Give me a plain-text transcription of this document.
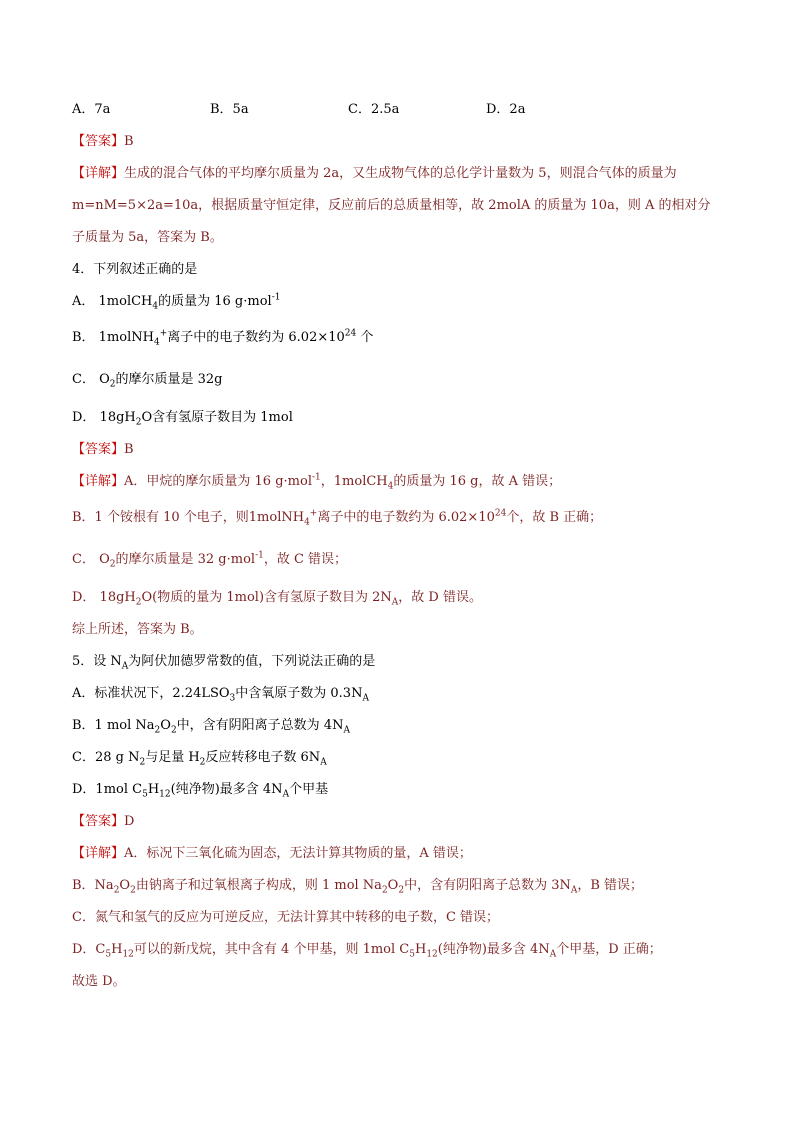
A．7a	B．5a	C．2.5a	D．2a
【答案】B
【详解】生成的混合气体的平均摩尔质量为 2a，又生成物气体的总化学计量数为 5，则混合气体的质量为
m=nM=5×2a=10a，根据质量守恒定律，反应前后的总质量相等，故 2molA 的质量为 10a，则 A 的相对分
子质量为 5a，答案为 B。
4．下列叙述正确的是
A． 1molCH$_4$的质量为 16 g·mol$^{-1}$
B． 1molNH$_4$+离子中的电子数约为 $6.02\times 10^{24}$ 个
C． $O_2$的摩尔质量是 32g
D． $18gH_2O$含有氢原子数目为 1mol
【答案】B
【详解】A．甲烷的摩尔质量为 16 g·mol$^{-1}$，1molCH$_4$的质量为 16 g，故 A 错误；
B．1 个铵根有 10 个电子，则1molNH$_4$+离子中的电子数约为 $6.02\times 10^{24}$个，故 B 正确；
C． $O_2$的摩尔质量是 32 g·mol$^{-1}$，故 C 错误；
D． $18gH_2O$(物质的量为 1mol)含有氢原子数目为 $2N_A$，故 D 错误。
综上所述，答案为 B。
5．设 $N_A$为阿伏加德罗常数的值，下列说法正确的是
A．标准状况下，$2.24LSO_3$中含氧原子数为 $0.3N_A$
B．1 mol $Na_2O_2$中，含有阴阳离子总数为 $4N_A$
C．28 g $N_2$与足量 $H_2$反应转移电子数 $6N_A$
D．1mol $C_5H_{12}$(纯净物)最多含 $4N_A$个甲基
【答案】D
【详解】A．标况下三氧化硫为固态，无法计算其物质的量，A 错误；
B．$Na_2O_2$由钠离子和过氧根离子构成，则 1 mol $Na_2O_2$中，含有阴阳离子总数为 $3N_A$，B 错误；
C．氮气和氢气的反应为可逆反应，无法计算其中转移的电子数，C 错误；
D．$C_5H_{12}$可以的新戊烷，其中含有 4 个甲基，则 1mol $C_5H_{12}$(纯净物)最多含 $4N_A$个甲基，D 正确；
故选 D。
